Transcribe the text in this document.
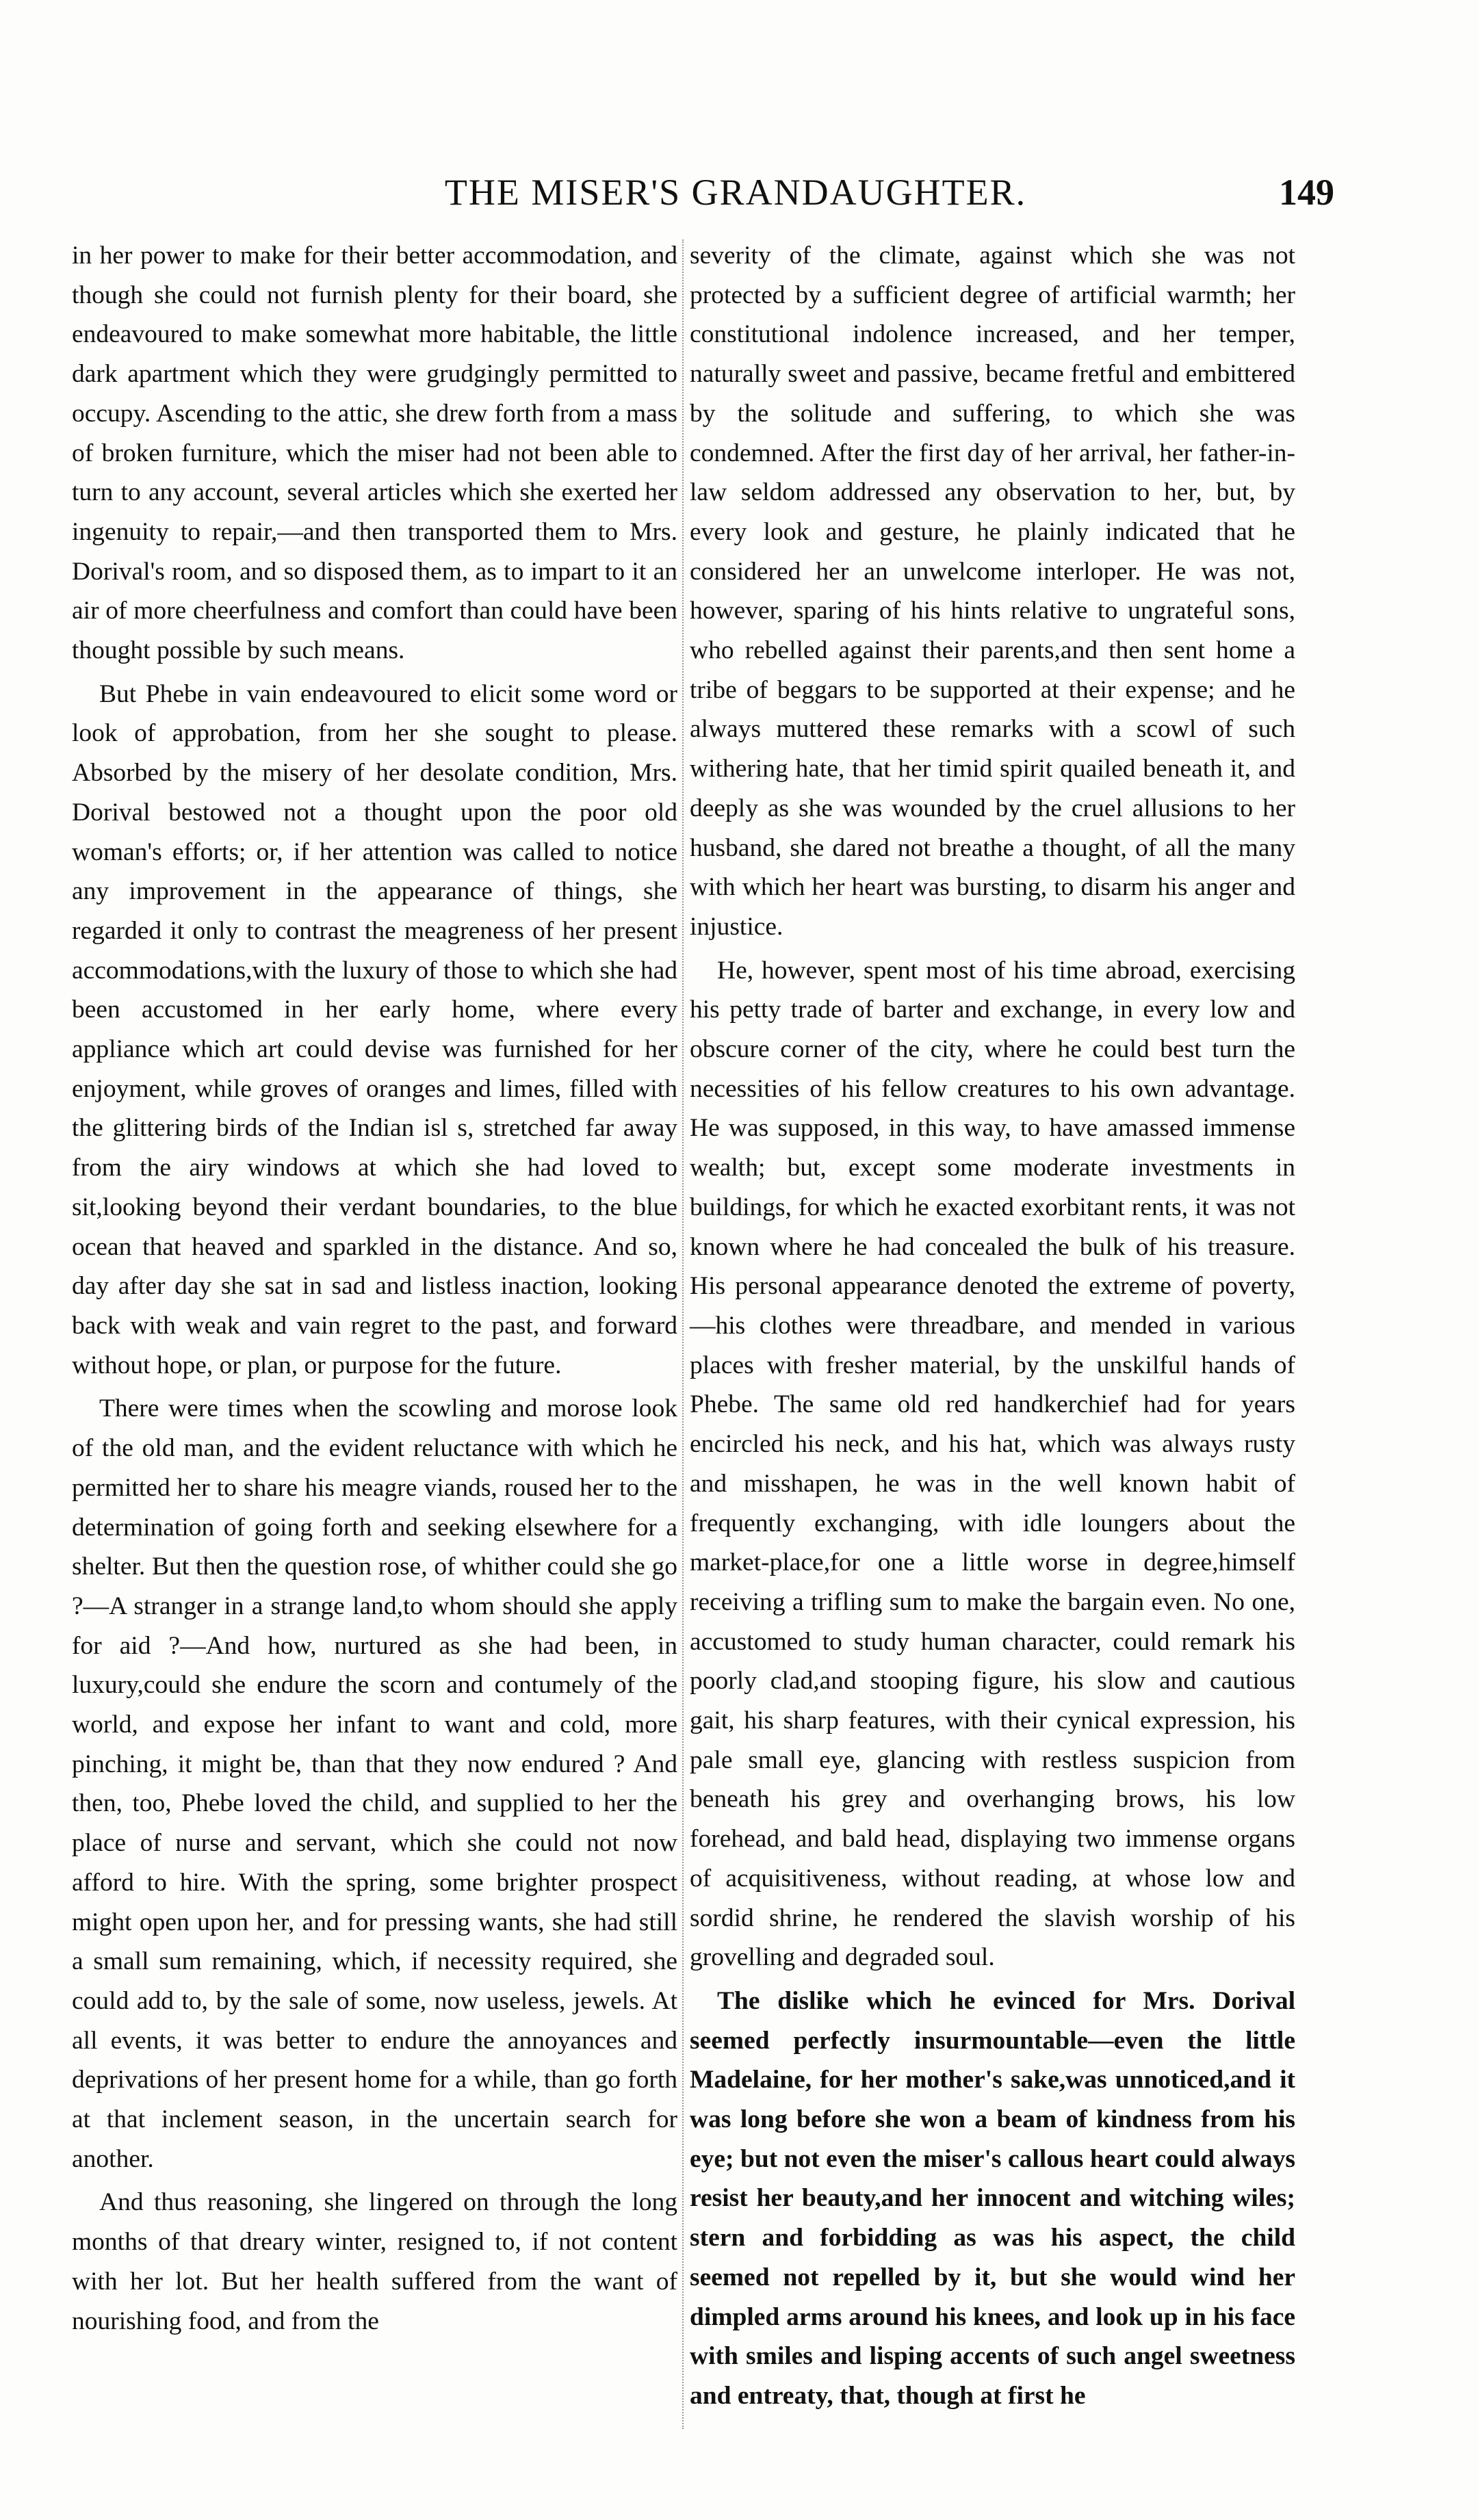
THE MISER'S GRANDAUGHTER.	149

in her power to make for their better accommodation, and though she could not furnish plenty for their board, she endeavoured to make somewhat more habitable, the little dark apartment which they were grudgingly permitted to occupy. Ascending to the attic, she drew forth from a mass of broken furniture, which the miser had not been able to turn to any account, several articles which she exerted her ingenuity to repair,—and then transported them to Mrs. Dorival's room, and so disposed them, as to impart to it an air of more cheerfulness and comfort than could have been thought possible by such means.

But Phebe in vain endeavoured to elicit some word or look of approbation, from her she sought to please. Absorbed by the misery of her desolate condition, Mrs. Dorival bestowed not a thought upon the poor old woman's efforts; or, if her attention was called to notice any improvement in the appearance of things, she regarded it only to contrast the meagreness of her present accommodations,with the luxury of those to which she had been accustomed in her early home, where every appliance which art could devise was furnished for her enjoyment, while groves of oranges and limes, filled with the glittering birds of the Indian isl s, stretched far away from the airy windows at which she had loved to sit,looking beyond their verdant boundaries, to the blue ocean that heaved and sparkled in the distance. And so, day after day she sat in sad and listless inaction, looking back with weak and vain regret to the past, and forward without hope, or plan, or purpose for the future.

There were times when the scowling and morose look of the old man, and the evident reluctance with which he permitted her to share his meagre viands, roused her to the determination of going forth and seeking elsewhere for a shelter. But then the question rose, of whither could she go ?—A stranger in a strange land,to whom should she apply for aid ?—And how, nurtured as she had been, in luxury,could she endure the scorn and contumely of the world, and expose her infant to want and cold, more pinching, it might be, than that they now endured ? And then, too, Phebe loved the child, and supplied to her the place of nurse and servant, which she could not now afford to hire. With the spring, some brighter prospect might open upon her, and for pressing wants, she had still a small sum remaining, which, if necessity required, she could add to, by the sale of some, now useless, jewels. At all events, it was better to endure the annoyances and deprivations of her present home for a while, than go forth at that inclement season, in the uncertain search for another.

And thus reasoning, she lingered on through the long months of that dreary winter, resigned to, if not content with her lot. But her health suffered from the want of nourishing food, and from the

severity of the climate, against which she was not protected by a sufficient degree of artificial warmth; her constitutional indolence increased, and her temper, naturally sweet and passive, became fretful and embittered by the solitude and suffering, to which she was condemned. After the first day of her arrival, her father-in-law seldom addressed any observation to her, but, by every look and gesture, he plainly indicated that he considered her an unwelcome interloper. He was not, however, sparing of his hints relative to ungrateful sons, who rebelled against their parents,and then sent home a tribe of beggars to be supported at their expense; and he always muttered these remarks with a scowl of such withering hate, that her timid spirit quailed beneath it, and deeply as she was wounded by the cruel allusions to her husband, she dared not breathe a thought, of all the many with which her heart was bursting, to disarm his anger and injustice.

He, however, spent most of his time abroad, exercising his petty trade of barter and exchange, in every low and obscure corner of the city, where he could best turn the necessities of his fellow creatures to his own advantage. He was supposed, in this way, to have amassed immense wealth; but, except some moderate investments in buildings, for which he exacted exorbitant rents, it was not known where he had concealed the bulk of his treasure. His personal appearance denoted the extreme of poverty,—his clothes were threadbare, and mended in various places with fresher material, by the unskilful hands of Phebe. The same old red handkerchief had for years encircled his neck, and his hat, which was always rusty and misshapen, he was in the well known habit of frequently exchanging, with idle loungers about the market-place,for one a little worse in degree,himself receiving a trifling sum to make the bargain even. No one, accustomed to study human character, could remark his poorly clad,and stooping figure, his slow and cautious gait, his sharp features, with their cynical expression, his pale small eye, glancing with restless suspicion from beneath his grey and overhanging brows, his low forehead, and bald head, displaying two immense organs of acquisitiveness, without reading, at whose low and sordid shrine, he rendered the slavish worship of his grovelling and degraded soul.

The dislike which he evinced for Mrs. Dorival seemed perfectly insurmountable—even the little Madelaine, for her mother's sake,was unnoticed,and it was long before she won a beam of kindness from his eye; but not even the miser's callous heart could always resist her beauty,and her innocent and witching wiles; stern and forbidding as was his aspect, the child seemed not repelled by it, but she would wind her dimpled arms around his knees, and look up in his face with smiles and lisping accents of such angel sweetness and entreaty, that, though at first he
